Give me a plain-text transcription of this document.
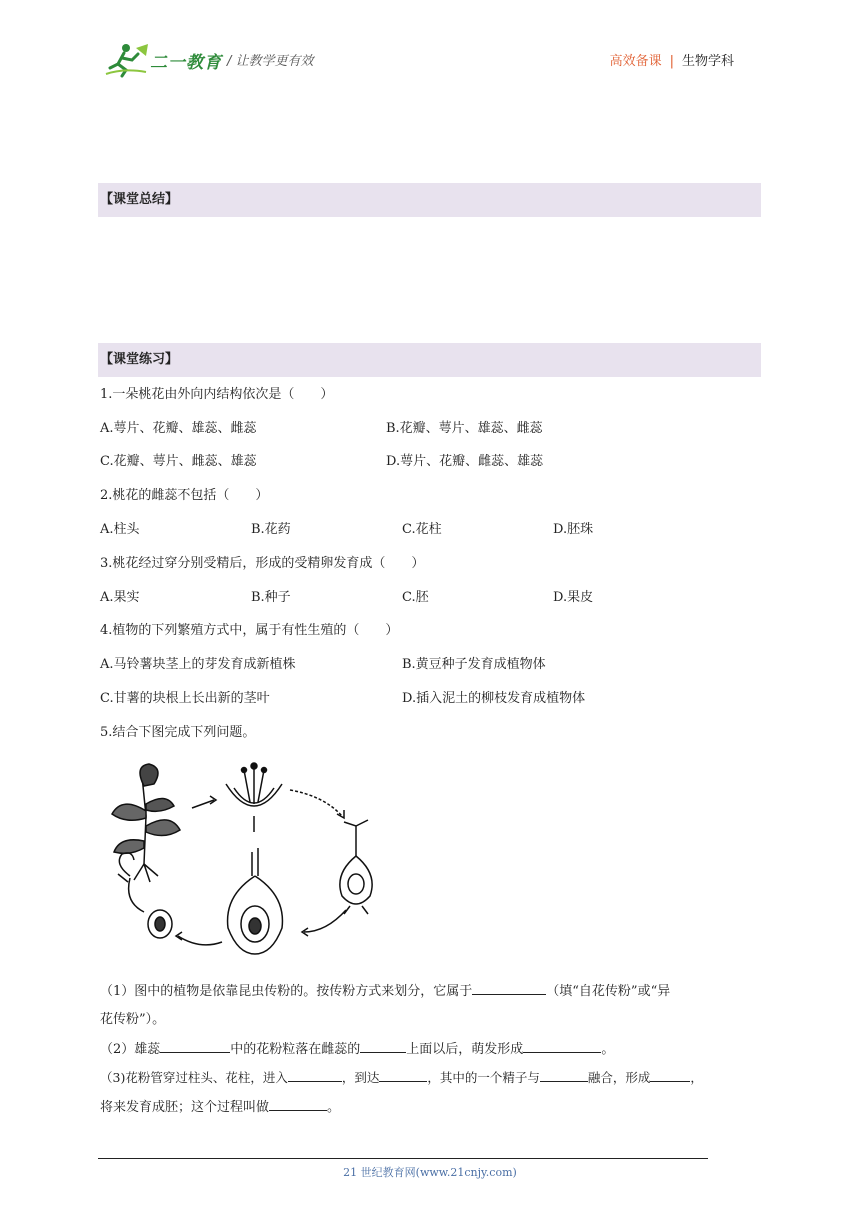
二一教育 / 让教学更有效	高效备课 | 生物学科
【课堂总结】
【课堂练习】
1.一朵桃花由外向内结构依次是（　　）
A.萼片、花瓣、雄蕊、雌蕊	B.花瓣、萼片、雄蕊、雌蕊
C.花瓣、萼片、雌蕊、雄蕊	D.萼片、花瓣、雌蕊、雄蕊
2.桃花的雌蕊不包括（　　）
A.柱头	B.花药	C.花柱	D.胚珠
3.桃花经过穿分别受精后，形成的受精卵发育成（　　）
A.果实	B.种子	C.胚	D.果皮
4.植物的下列繁殖方式中，属于有性生殖的（　　）
A.马铃薯块茎上的芽发育成新植株	B.黄豆种子发育成植物体
C.甘薯的块根上长出新的茎叶	D.插入泥土的柳枝发育成植物体
5.结合下图完成下列问题。
（1）图中的植物是依靠昆虫传粉的。按传粉方式来划分，它属于	（填“自花传粉”或“异
花传粉”）。
（2）雄蕊	中的花粉粒落在雌蕊的	上面以后，萌发形成	。
（3)花粉管穿过柱头、花柱，进入	，到达	，其中的一个精子与	融合，形成	，
将来发育成胚；这个过程叫做	。
21 世纪教育网(www.21cnjy.com)
